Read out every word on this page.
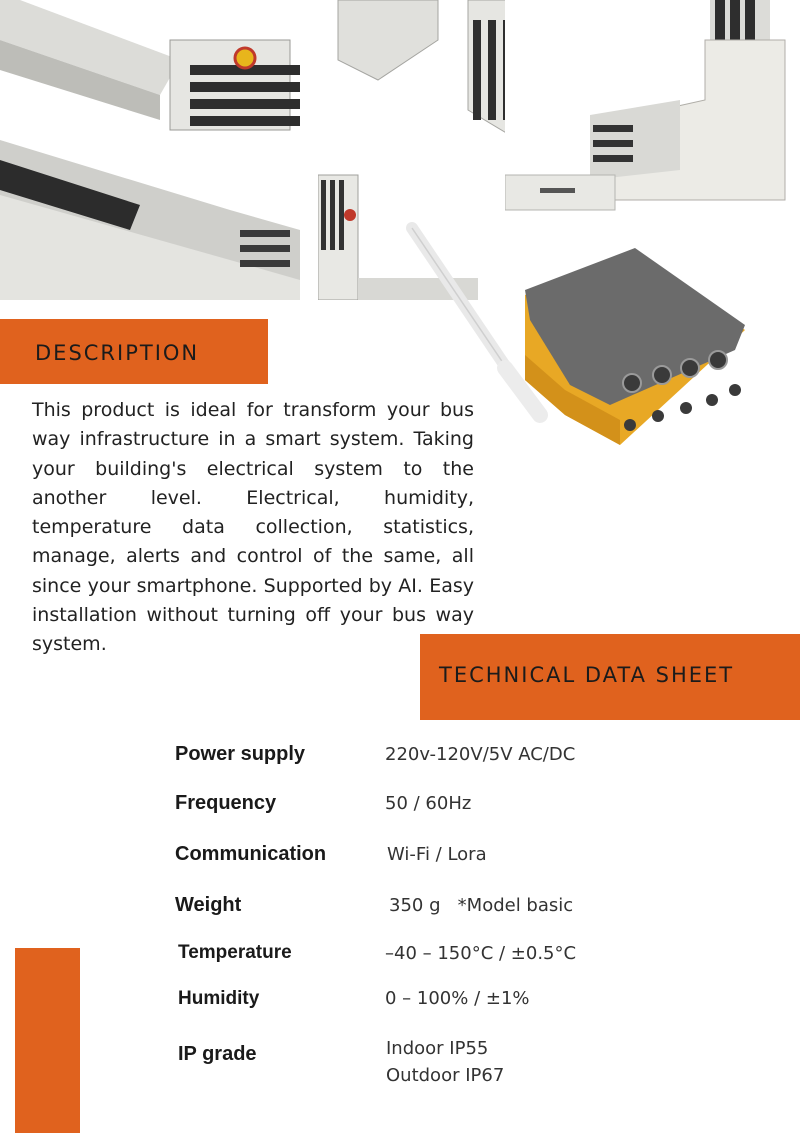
DESCRIPTION
This product is ideal for transform your bus way infrastructure in a smart system. Taking your building's electrical system to the another level. Electrical, humidity, temperature data collection, statistics, manage, alerts and control of the same, all since your smartphone. Supported by AI. Easy installation without turning off your bus way system.
TECHNICAL DATA SHEET
Power supply	220v-120V/5V AC/DC
Frequency	50 / 60Hz
Communication	Wi-Fi / Lora
Weight	350 g   *Model basic
Temperature	–40 – 150°C / ±0.5°C
Humidity	0 – 100% / ±1%
IP grade	Indoor IP55
Outdoor IP67
